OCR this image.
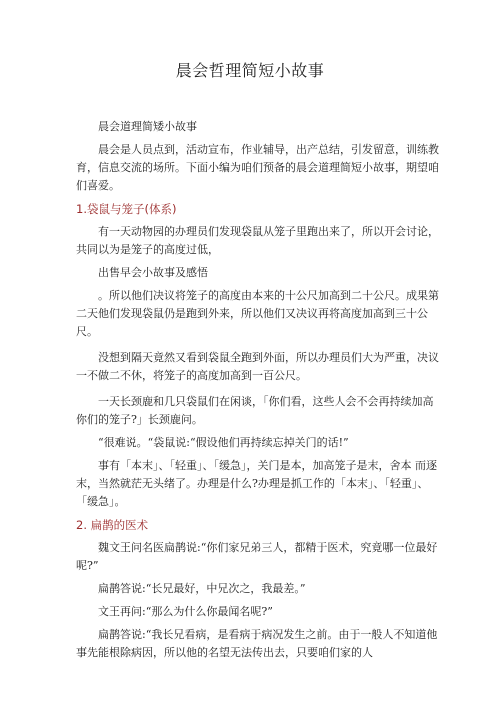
晨会哲理简短小故事

晨会道理简矮小故事

晨会是人员点到，活动宣布，作业辅导，出产总结，引发留意，训练教育，信息交流的场所。下面小编为咱们预备的晨会道理简短小故事，期望咱们喜爱。

1.袋鼠与笼子(体系)

有一天动物园的办理员们发现袋鼠从笼子里跑出来了，所以开会讨论，共同以为是笼子的高度过低，

出售早会小故事及感悟

。所以他们决议将笼子的高度由本来的十公尺加高到二十公尺。成果第二天他们发现袋鼠仍是跑到外来，所以他们又决议再将高度加高到三十公尺。

没想到隔天竟然又看到袋鼠全跑到外面，所以办理员们大为严重，决议一不做二不休，将笼子的高度加高到一百公尺。

一天长颈鹿和几只袋鼠们在闲谈，「你们看，这些人会不会再持续加高你们的笼子?」长颈鹿问。

“很难说。“袋鼠说:“假设他们再持续忘掉关门的话!”

事有「本末」、「轻重」、「缓急」，关门是本，加高笼子是末，舍本 而逐末，当然就茫无头绪了。办理是什么?办理是抓工作的「本末」、「轻重」、「缓急」。

2. 扁鹊的医术

魏文王问名医扁鹊说:“你们家兄弟三人，都精于医术，究竟哪一位最好呢?”

扁鹊答说:“长兄最好，中兄次之，我最差。”

文王再问:“那么为什么你最闻名呢?”

扁鹊答说:“我长兄看病，是看病于病况发生之前。由于一般人不知道他事先能根除病因，所以他的名望无法传出去，只要咱们家的人
